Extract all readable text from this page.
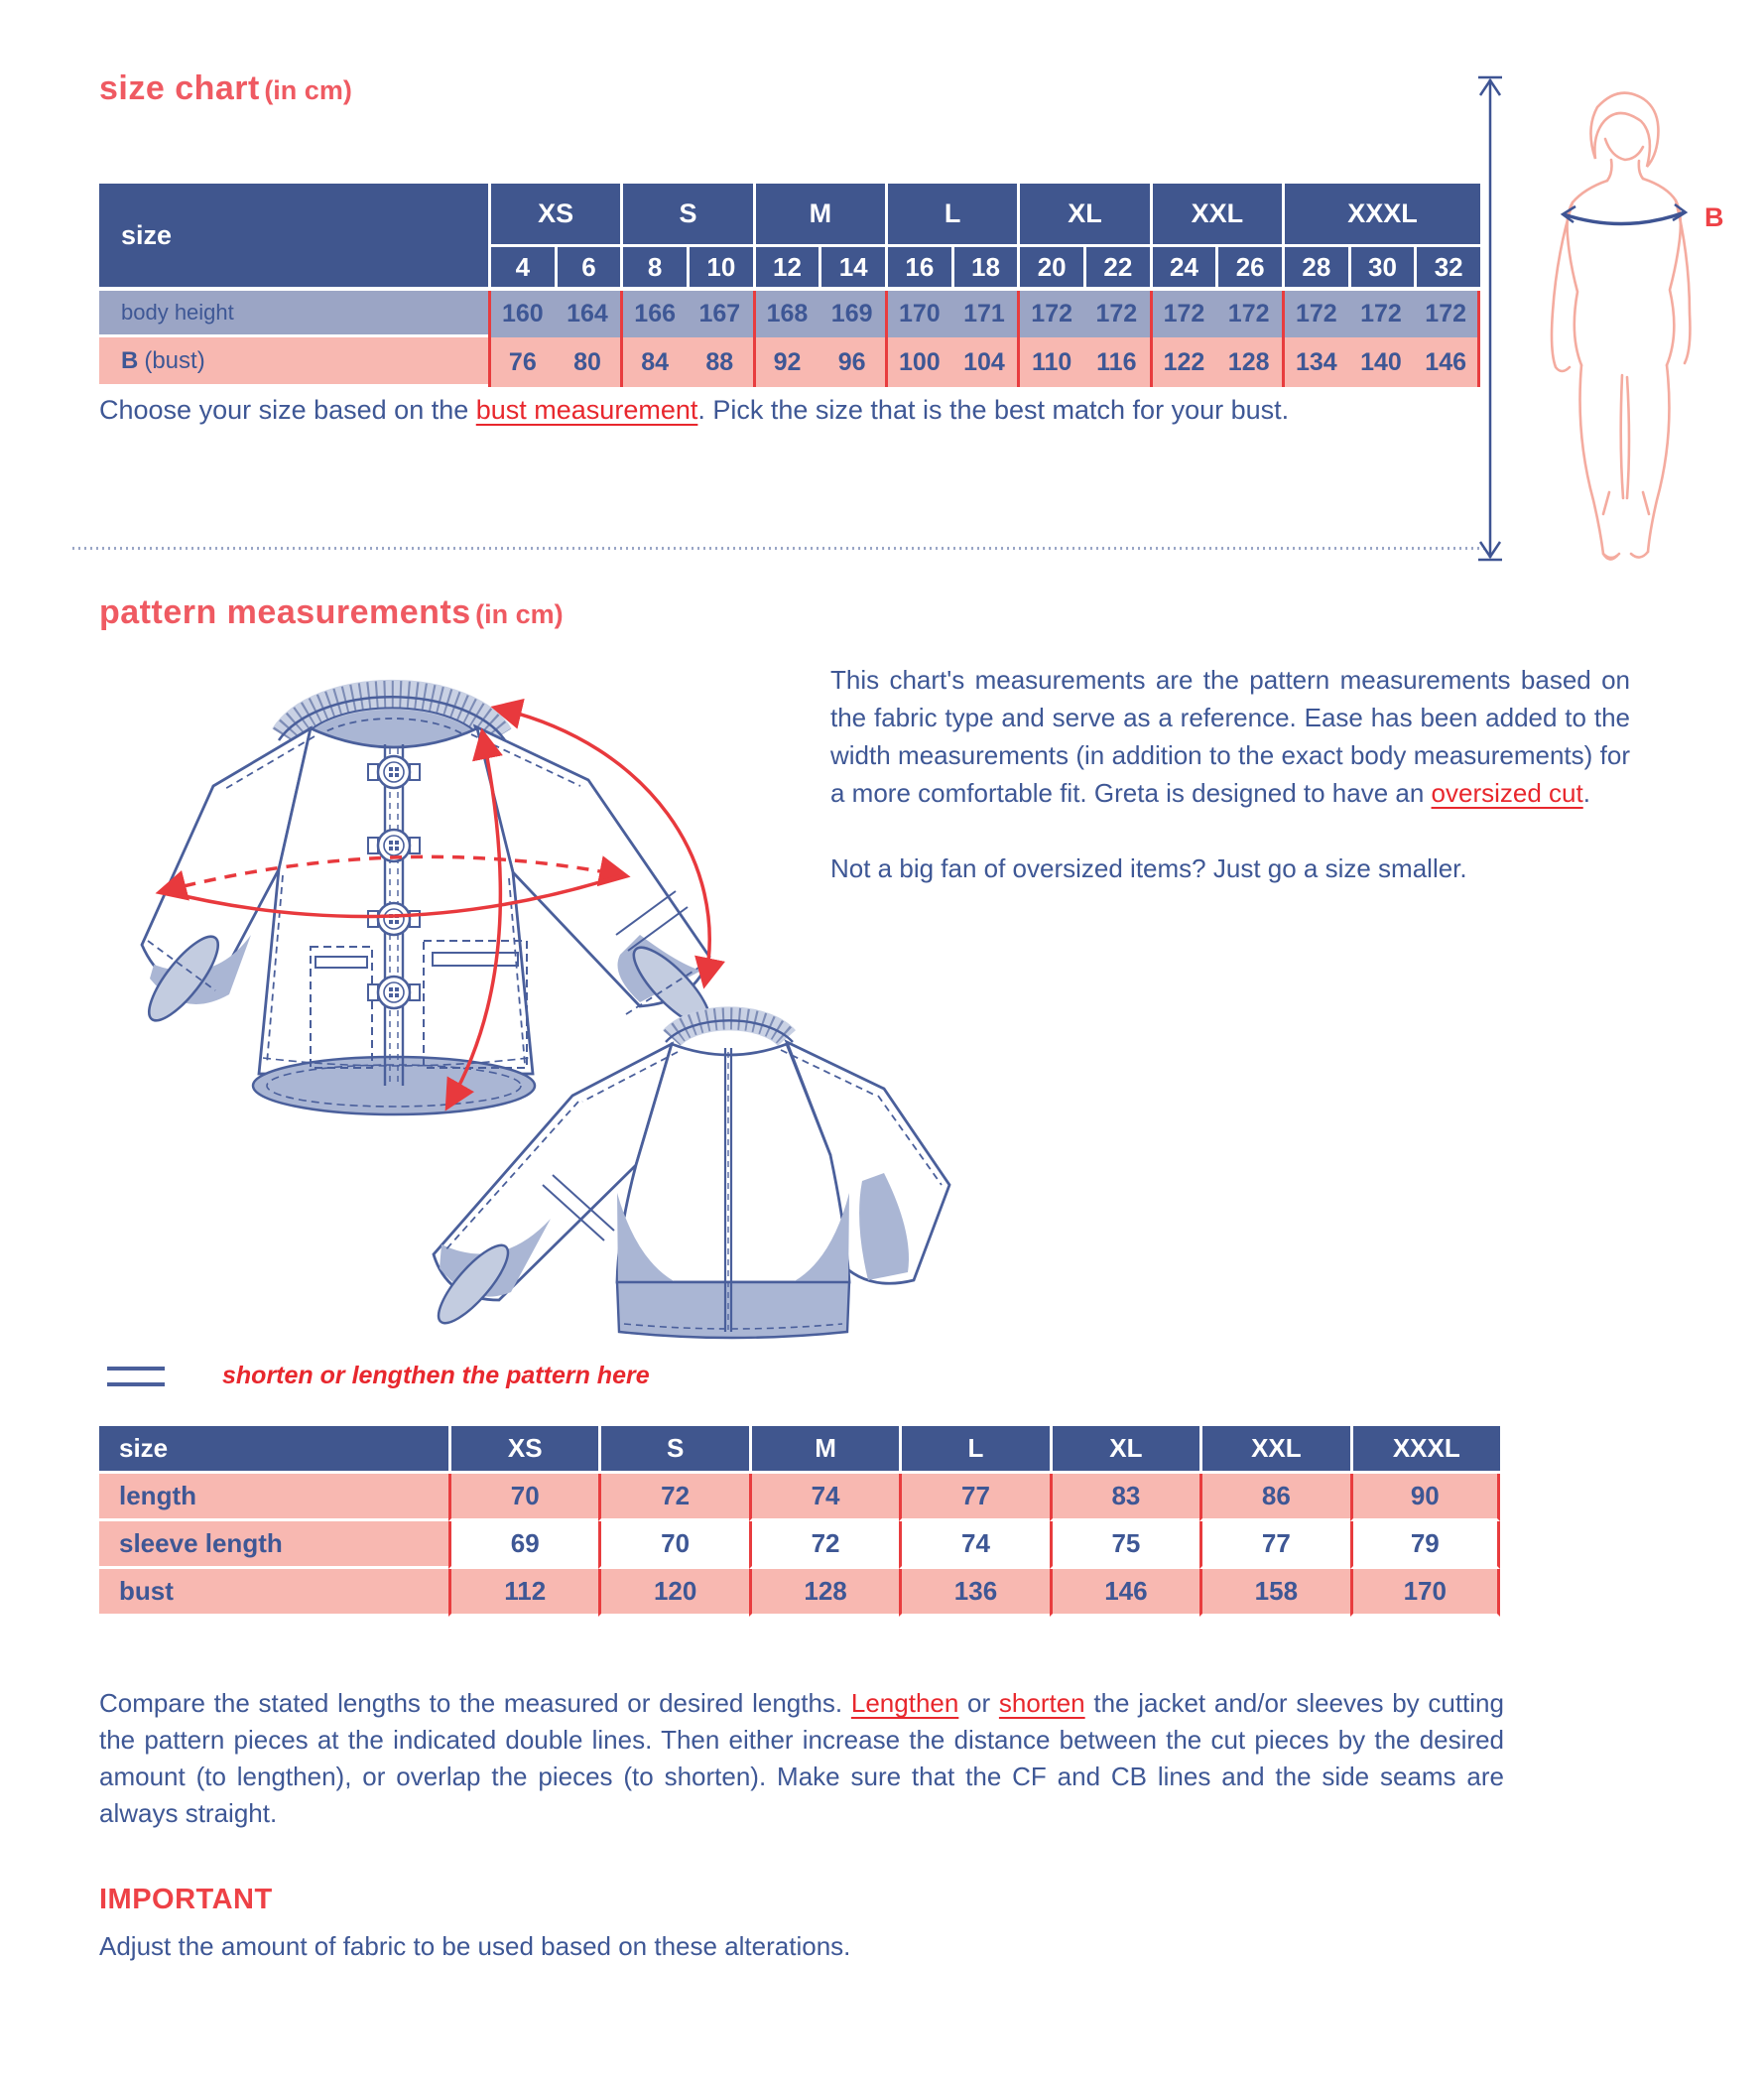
size chart (in cm)
size
XS	S	M	L	XL	XXL	XXXL
4	6	8	10	12	14	16	18	20	22	24	26	28	30	32
body height	160 164	166 167	168 169	170 171	172 172	172 172	172 172 172
B (bust)	76	80	84	88	92	96	100 104	110 116	122 128	134 140 146
Choose your size based on the bust measurement. Pick the size that is the best match for your bust.
B
pattern measurements (in cm)
This chart's measurements are the pattern measurements based on the fabric type and serve as a reference. Ease has been added to the width measurements (in addition to the exact body measurements) for a more comfortable fit. Greta is designed to have an oversized cut.
Not a big fan of oversized items? Just go a size smaller.
shorten or lengthen the pattern here
size	XS	S	M	L	XL	XXL	XXXL
length	70	72	74	77	83	86	90
sleeve length	69	70	72	74	75	77	79
bust	112	120	128	136	146	158	170
Compare the stated lengths to the measured or desired lengths. Lengthen or shorten the jacket and/or sleeves by cutting the pattern pieces at the indicated double lines. Then either increase the distance between the cut pieces by the desired amount (to lengthen), or overlap the pieces (to shorten). Make sure that the CF and CB lines and the side seams are always straight.
IMPORTANT
Adjust the amount of fabric to be used based on these alterations.
